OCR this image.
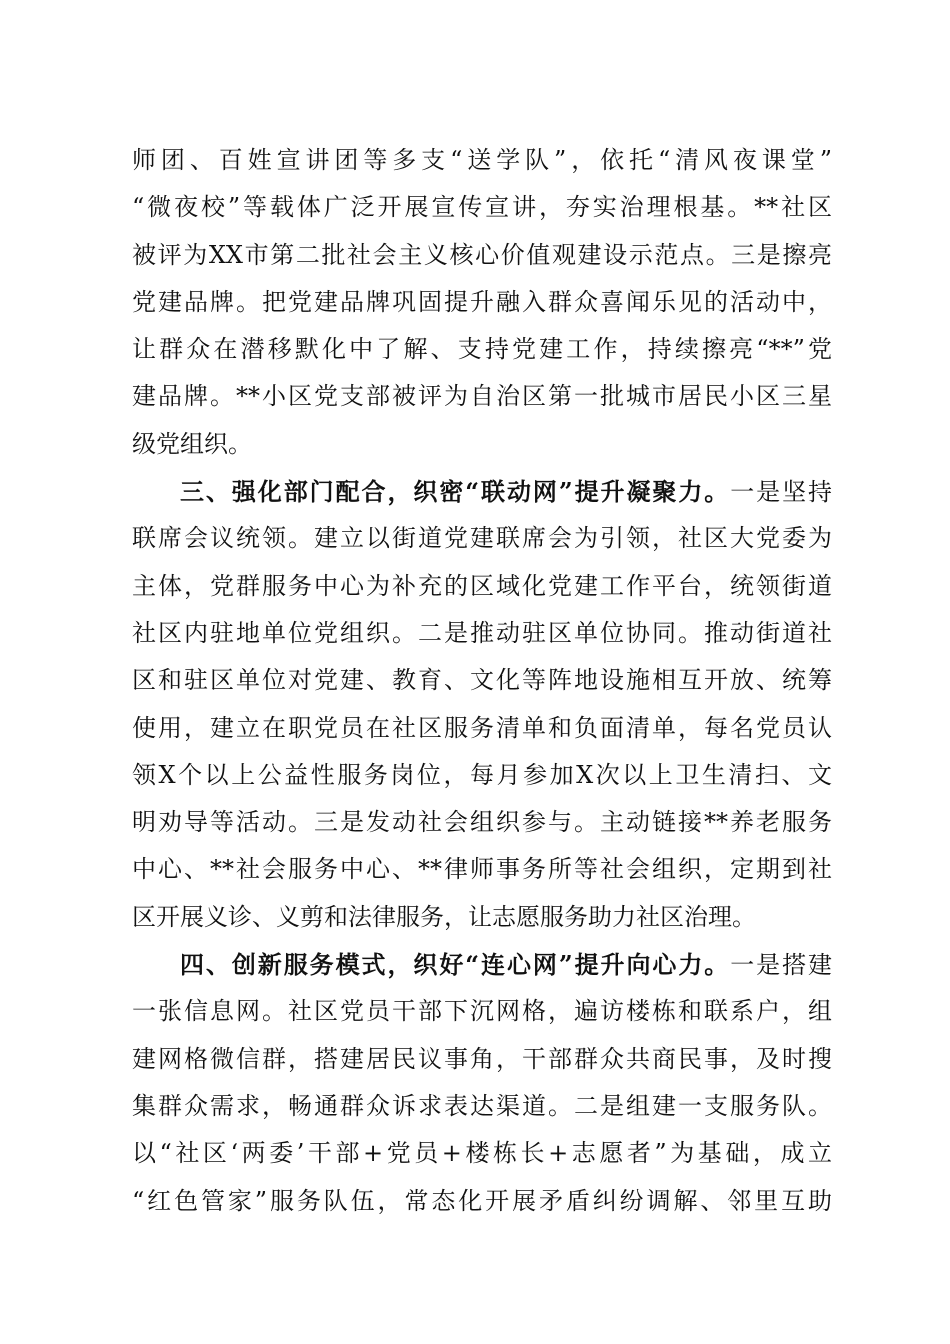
师团、百姓宣讲团等多支“送学队”，依托“清风夜课堂”
“微夜校”等载体广泛开展宣传宣讲，夯实治理根基。**社区
被评为XX市第二批社会主义核心价值观建设示范点。三是擦亮
党建品牌。把党建品牌巩固提升融入群众喜闻乐见的活动中，
让群众在潜移默化中了解、支持党建工作，持续擦亮“**”党
建品牌。**小区党支部被评为自治区第一批城市居民小区三星
级党组织。
三、强化部门配合，织密“联动网”提升凝聚力。一是坚持
联席会议统领。建立以街道党建联席会为引领，社区大党委为
主体，党群服务中心为补充的区域化党建工作平台，统领街道
社区内驻地单位党组织。二是推动驻区单位协同。推动街道社
区和驻区单位对党建、教育、文化等阵地设施相互开放、统筹
使用，建立在职党员在社区服务清单和负面清单，每名党员认
领X个以上公益性服务岗位，每月参加X次以上卫生清扫、文
明劝导等活动。三是发动社会组织参与。主动链接**养老服务
中心、**社会服务中心、**律师事务所等社会组织，定期到社
区开展义诊、义剪和法律服务，让志愿服务助力社区治理。
四、创新服务模式，织好“连心网”提升向心力。一是搭建
一张信息网。社区党员干部下沉网格，遍访楼栋和联系户，组
建网格微信群，搭建居民议事角，干部群众共商民事，及时搜
集群众需求，畅通群众诉求表达渠道。二是组建一支服务队。
以“社区‘两委’干部+党员+楼栋长+志愿者”为基础，成立
“红色管家”服务队伍，常态化开展矛盾纠纷调解、邻里互助
